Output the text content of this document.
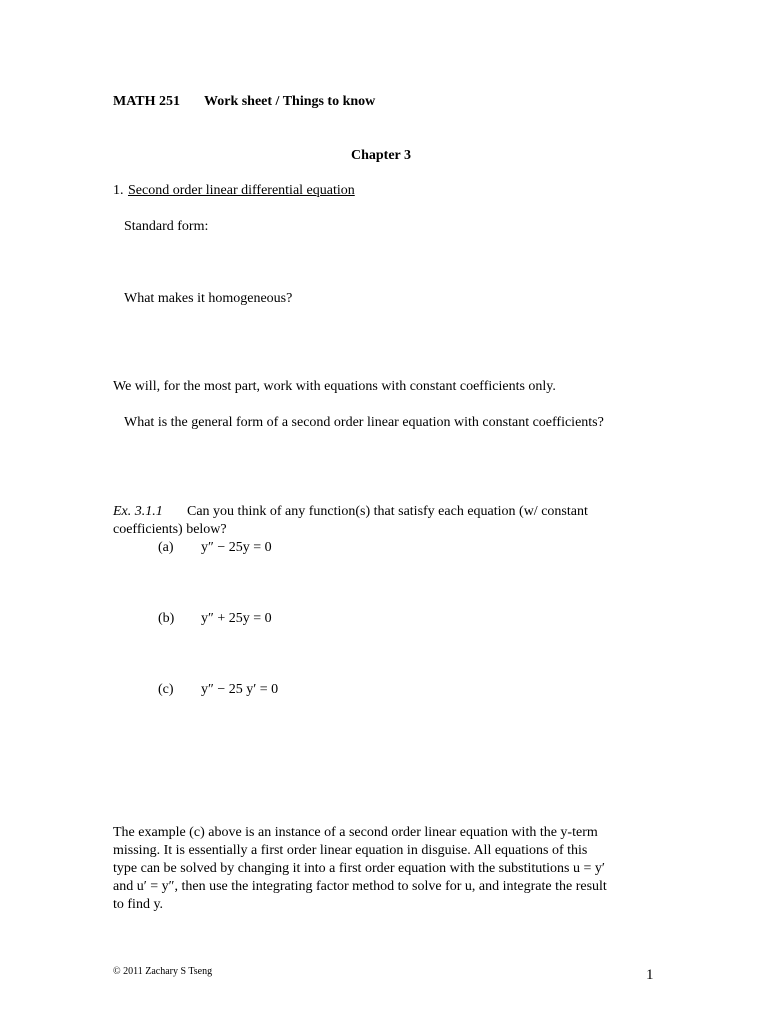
MATH 251 Work sheet / Things to know
Chapter 3
1. Second order linear differential equation
Standard form:
What makes it homogeneous?
We will, for the most part, work with equations with constant coefficients only.
What is the general form of a second order linear equation with constant coefficients?
Ex. 3.1.1 Can you think of any function(s) that satisfy each equation (w/ constant
coefficients) below?
(a) y″ − 25y = 0
(b) y″ + 25y = 0
(c) y″ − 25 y′ = 0
The example (c) above is an instance of a second order linear equation with the y-term
missing. It is essentially a first order linear equation in disguise. All equations of this
type can be solved by changing it into a first order equation with the substitutions u = y′
and u′ = y″, then use the integrating factor method to solve for u, and integrate the result
to find y.
© 2011 Zachary S Tseng	1
